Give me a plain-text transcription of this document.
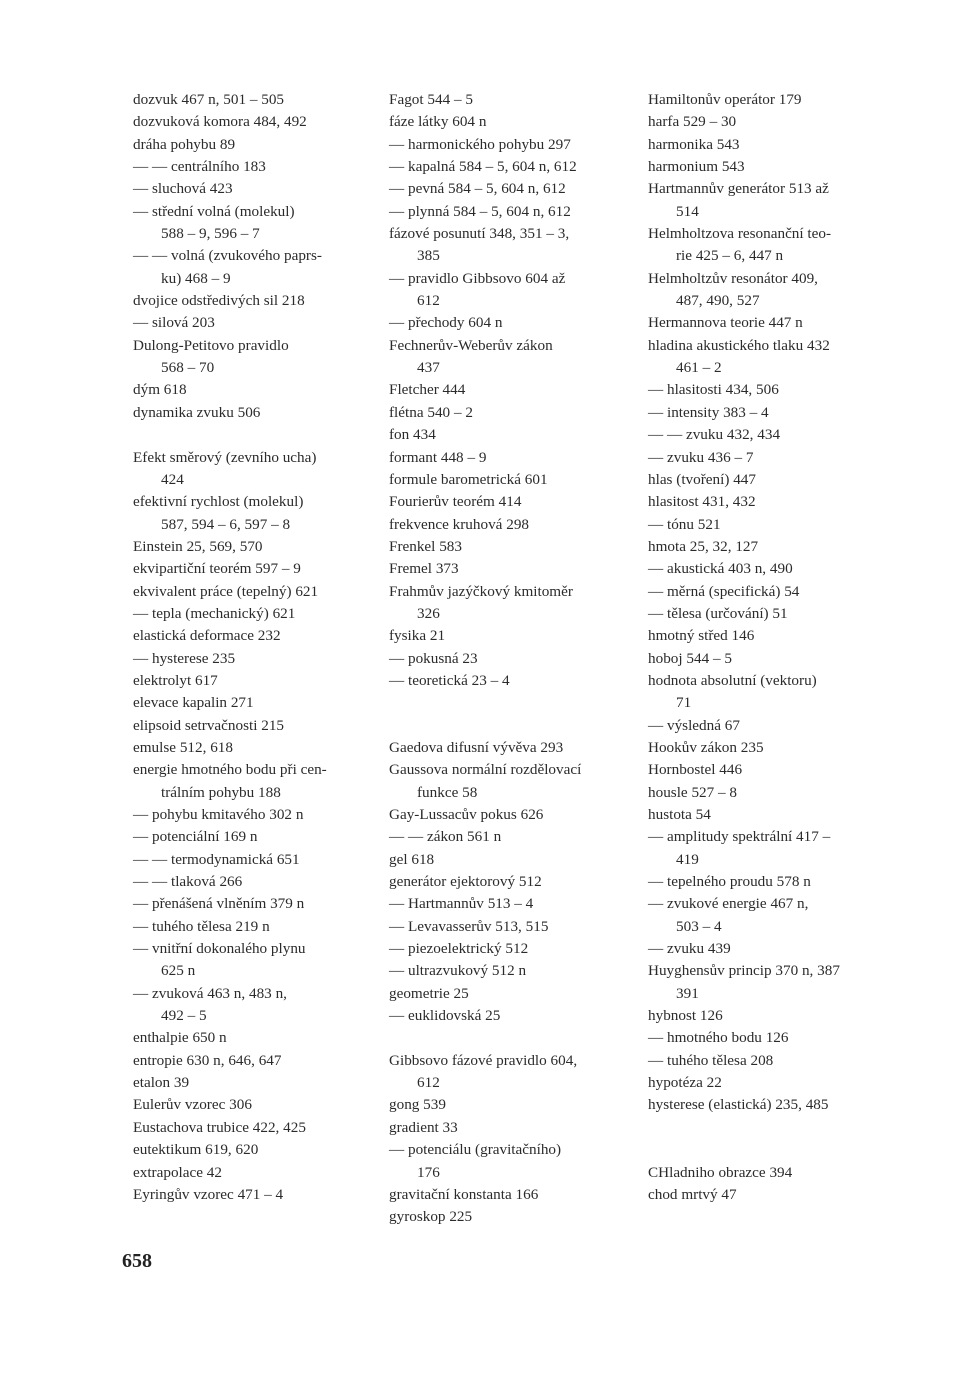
dozvuk 467 n, 501 – 505
dozvuková komora 484, 492
dráha pohybu 89
— — centrálního 183
— sluchová 423
— střední volná (molekul)
588 – 9, 596 – 7
— — volná (zvukového paprs-
ku) 468 – 9
dvojice odstředivých sil 218
— silová 203
Dulong-Petitovo pravidlo
568 – 70
dým 618
dynamika zvuku 506
Efekt směrový (zevního ucha)
424
efektivní rychlost (molekul)
587, 594 – 6, 597 – 8
Einstein 25, 569, 570
ekvipartiční teorém 597 – 9
ekvivalent práce (tepelný) 621
— tepla (mechanický) 621
elastická deformace 232
— hysterese 235
elektrolyt 617
elevace kapalin 271
elipsoid setrvačnosti 215
emulse 512, 618
energie hmotného bodu při cen-
trálním pohybu 188
— pohybu kmitavého 302 n
— potenciální 169 n
— — termodynamická 651
— — tlaková 266
— přenášená vlněním 379 n
— tuhého tělesa 219 n
— vnitřní dokonalého plynu
625 n
— zvuková 463 n, 483 n,
492 – 5
enthalpie 650 n
entropie 630 n, 646, 647
etalon 39
Eulerův vzorec 306
Eustachova trubice 422, 425
eutektikum 619, 620
extrapolace 42
Eyringův vzorec 471 – 4
Fagot 544 – 5
fáze látky 604 n
— harmonického pohybu 297
— kapalná 584 – 5, 604 n, 612
— pevná 584 – 5, 604 n, 612
— plynná 584 – 5, 604 n, 612
fázové posunutí 348, 351 – 3,
385
— pravidlo Gibbsovo 604 až
612
— přechody 604 n
Fechnerův-Weberův zákon
437
Fletcher 444
flétna 540 – 2
fon 434
formant 448 – 9
formule barometrická 601
Fourierův teorém 414
frekvence kruhová 298
Frenkel 583
Fremel 373
Frahmův jazýčkový kmitoměr
326
fysika 21
— pokusná 23
— teoretická 23 – 4
Gaedova difusní vývěva 293
Gaussova normální rozdělovací
funkce 58
Gay-Lussacův pokus 626
— — zákon 561 n
gel 618
generátor ejektorový 512
— Hartmannův 513 – 4
— Levavasserův 513, 515
— piezoelektrický 512
— ultrazvukový 512 n
geometrie 25
— euklidovská 25
Gibbsovo fázové pravidlo 604,
612
gong 539
gradient 33
— potenciálu (gravitačního)
176
gravitační konstanta 166
gyroskop 225
Hamiltonův operátor 179
harfa 529 – 30
harmonika 543
harmonium 543
Hartmannův generátor 513 až
514
Helmholtzova resonanční teo-
rie 425 – 6, 447 n
Helmholtzův resonátor 409,
487, 490, 527
Hermannova teorie 447 n
hladina akustického tlaku 432
461 – 2
— hlasitosti 434, 506
— intensity 383 – 4
— — zvuku 432, 434
— zvuku 436 – 7
hlas (tvoření) 447
hlasitost 431, 432
— tónu 521
hmota 25, 32, 127
— akustická 403 n, 490
— měrná (specifická) 54
— tělesa (určování) 51
hmotný střed 146
hoboj 544 – 5
hodnota absolutní (vektoru)
71
— výsledná 67
Hookův zákon 235
Hornbostel 446
housle 527 – 8
hustota 54
— amplitudy spektrální 417 –
419
— tepelného proudu 578 n
— zvukové energie 467 n,
503 – 4
— zvuku 439
Huyghensův princip 370 n, 387
391
hybnost 126
— hmotného bodu 126
— tuhého tělesa 208
hypotéza 22
hysterese (elastická) 235, 485
CHladniho obrazce 394
chod mrtvý 47
658
